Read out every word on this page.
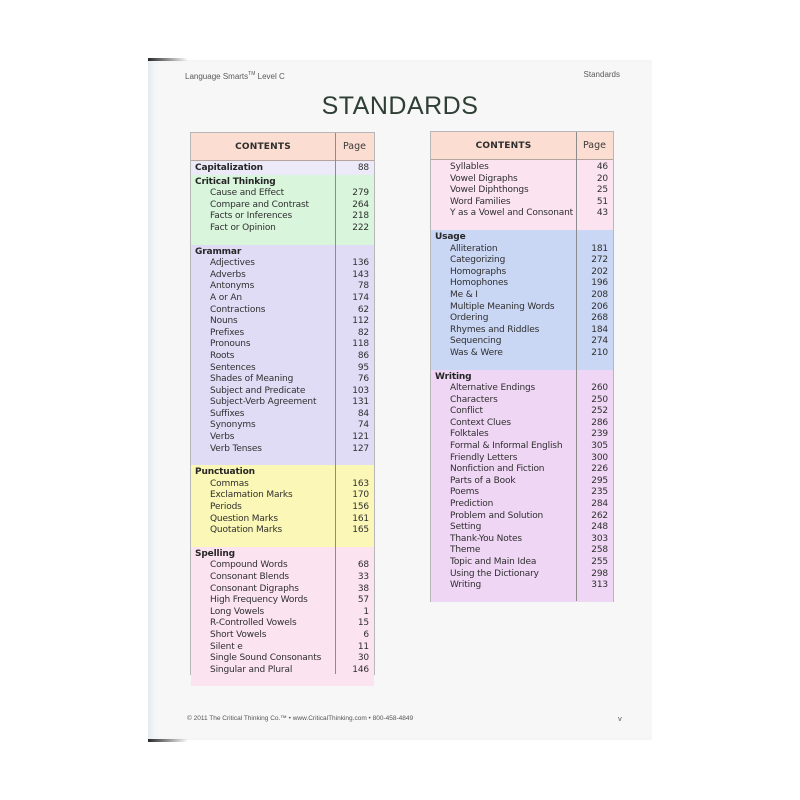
Language Smarts™ Level C	Standards
STANDARDS
CONTENTS	Page
Capitalization	88
Critical Thinking
Cause and Effect	279
Compare and Contrast	264
Facts or Inferences	218
Fact or Opinion	222
Grammar
Adjectives	136
Adverbs	143
Antonyms	78
A or An	174
Contractions	62
Nouns	112
Prefixes	82
Pronouns	118
Roots	86
Sentences	95
Shades of Meaning	76
Subject and Predicate	103
Subject-Verb Agreement	131
Suffixes	84
Synonyms	74
Verbs	121
Verb Tenses	127
Punctuation
Commas	163
Exclamation Marks	170
Periods	156
Question Marks	161
Quotation Marks	165
Spelling
Compound Words	68
Consonant Blends	33
Consonant Digraphs	38
High Frequency Words	57
Long Vowels	1
R-Controlled Vowels	15
Short Vowels	6
Silent e	11
Single Sound Consonants	30
Singular and Plural	146
CONTENTS	Page
Syllables	46
Vowel Digraphs	20
Vowel Diphthongs	25
Word Families	51
Y as a Vowel and Consonant	43
Usage
Alliteration	181
Categorizing	272
Homographs	202
Homophones	196
Me & I	208
Multiple Meaning Words	206
Ordering	268
Rhymes and Riddles	184
Sequencing	274
Was & Were	210
Writing
Alternative Endings	260
Characters	250
Conflict	252
Context Clues	286
Folktales	239
Formal & Informal English	305
Friendly Letters	300
Nonfiction and Fiction	226
Parts of a Book	295
Poems	235
Prediction	284
Problem and Solution	262
Setting	248
Thank-You Notes	303
Theme	258
Topic and Main Idea	255
Using the Dictionary	298
Writing	313
© 2011 The Critical Thinking Co.™ • www.CriticalThinking.com • 800-458-4849	v
